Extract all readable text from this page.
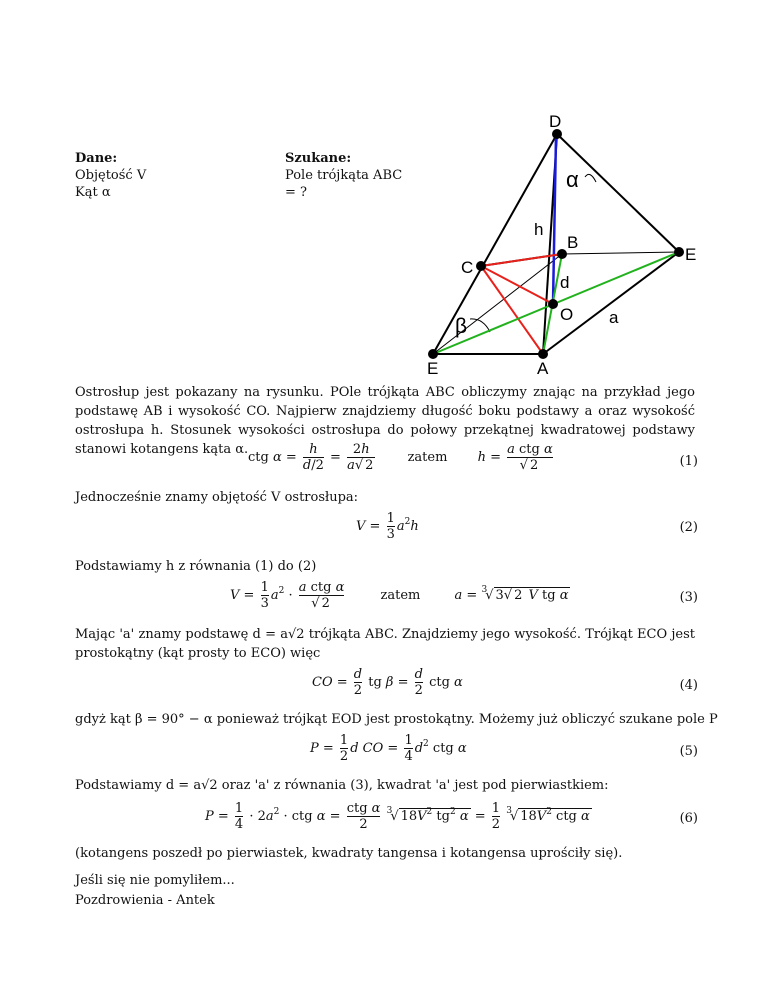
Dane:
Objętość V
Kąt α
Szukane:
Pole trójkąta ABC
= ?
D
α
h
B
E
C
d
β
O a
E	A
Ostrosłup jest pokazany na rysunku. POle trójkąta ABC obliczymy znając na przykład jego podstawę AB i wysokość CO. Najpierw znajdziemy długość boku podstawy a oraz wysokość ostrosłupa h. Stosunek wysokości ostrosłupa do połowy przekątnej kwadratowej podstawy stanowi kotangens kąta α.
ctg $\alpha = \frac{h}{d/2} = \frac{2h}{a√ 2}$ zatem $h = \frac{\text{a ctg α}}{√ 2}$	(1)
Jednocześnie znamy objętość V ostrosłupa:
$V = \frac{1}{3} a^2h$	(2)
Podstawiamy h z równania (1) do (2)
$V = \frac{1}{3} a^2 \cdot \frac{\text{a ctg α}}{√ 2}$	zatem	a = $^3$√ 3√ 2 V tg α	(3)
Mając 'a' znamy podstawę d = a√2 trójkąta ABC. Znajdziemy jego wysokość. Trójkąt ECO jest prostokątny (kąt prosty to ECO) więc
CO = $\frac{d}{2}$ tg $\beta = \frac{d}{2}$ ctg α	(4)
gdyż kąt β = 90° − α ponieważ trójkąt EOD jest prostokątny. Możemy już obliczyć szukane pole P
$P = \frac{1}{2}$ d CO = $\frac{1}{4} d^2$ ctg α	(5)
Podstawiamy d = a√2 oraz 'a' z równania (3), kwadrat 'a' jest pod pierwiastkiem:
$P = \frac{1}{4} \cdot 2a^2$ · ctg $\alpha = \frac{\text{ctg α}}{2} ^3√$ $18V^2$ $tg^2$ $\alpha = \frac{1}{2} ^3√$ $18V^2$ ctg α	(6)
(kotangens poszedł po pierwiastek, kwadraty tangensa i kotangensa uprościły się).
Jeśli się nie pomyliłem...
Pozdrowienia - Antek
